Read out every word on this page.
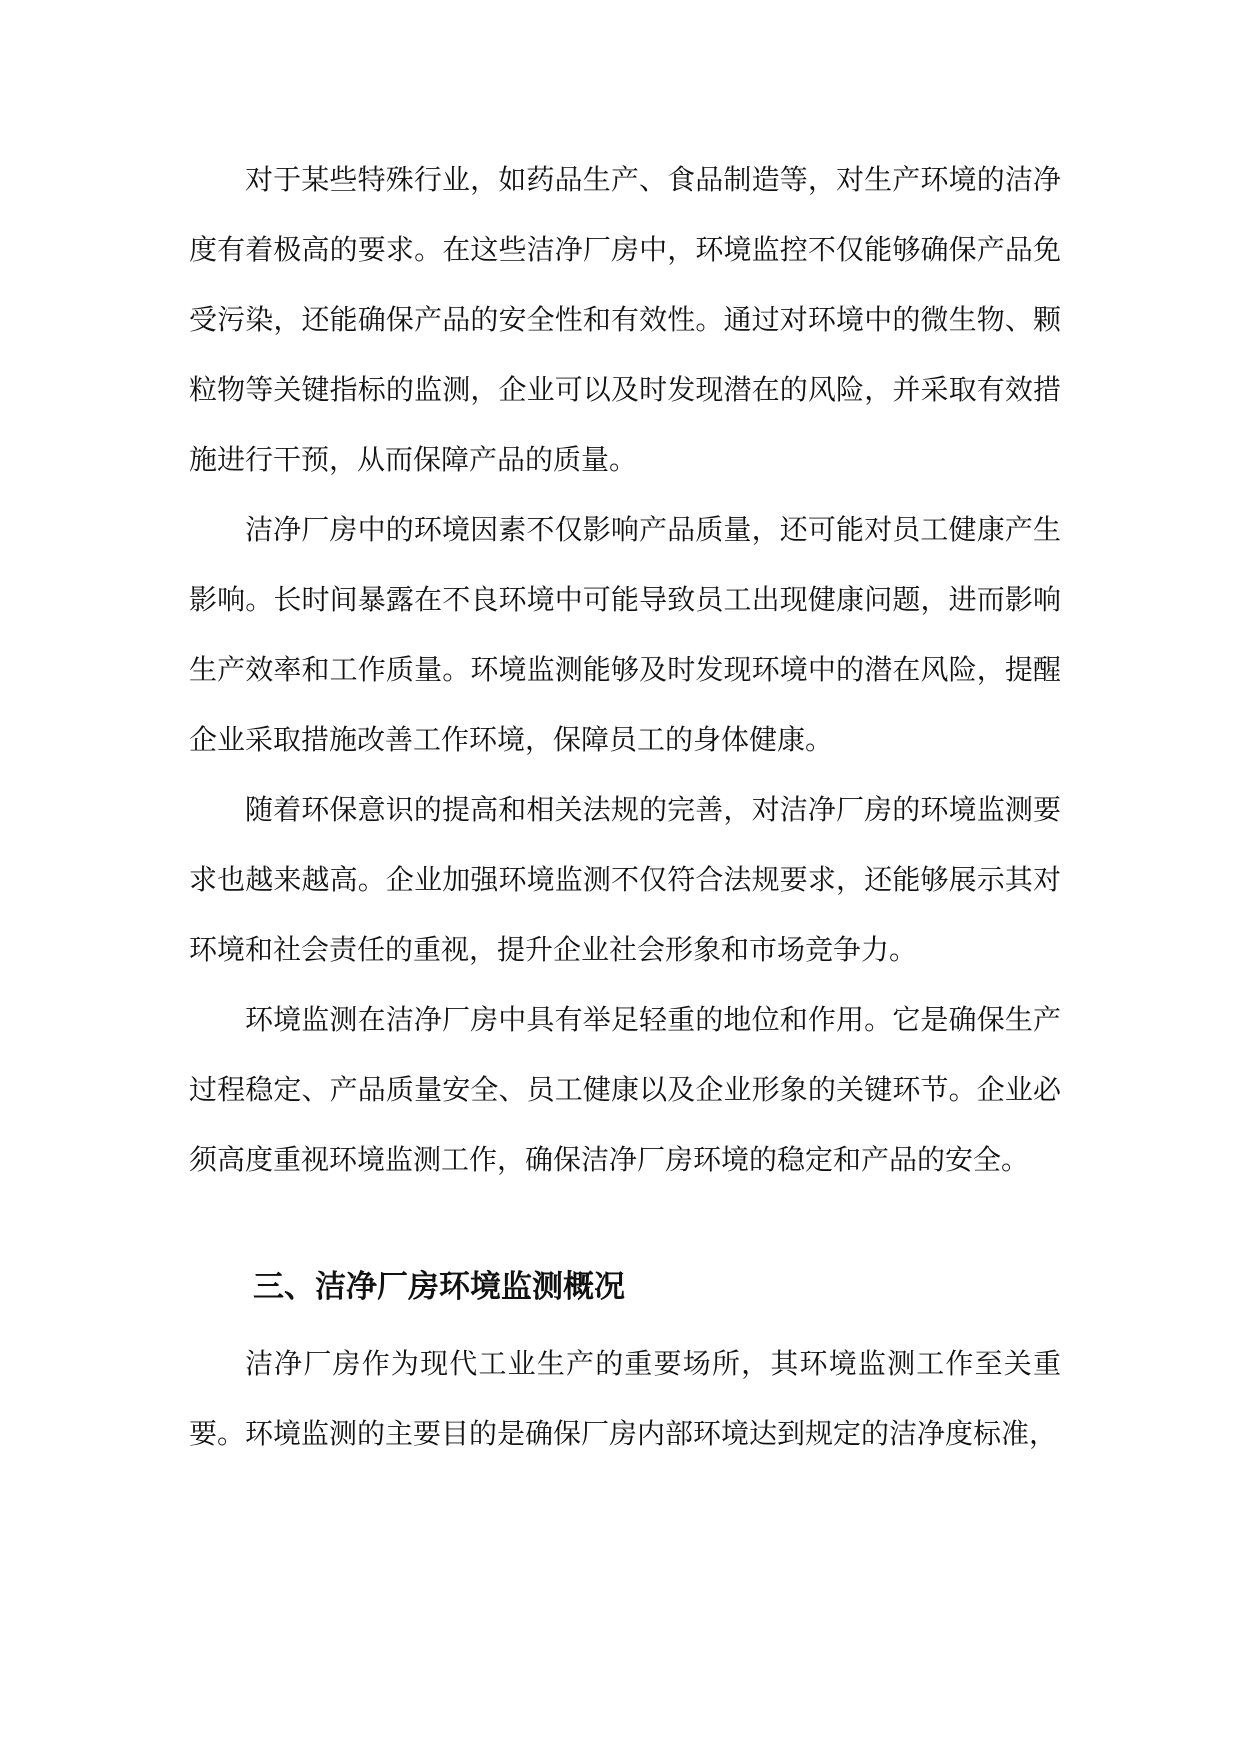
对于某些特殊行业，如药品生产、食品制造等，对生产环境的洁净度有着极高的要求。在这些洁净厂房中，环境监控不仅能够确保产品免受污染，还能确保产品的安全性和有效性。通过对环境中的微生物、颗粒物等关键指标的监测，企业可以及时发现潜在的风险，并采取有效措施进行干预，从而保障产品的质量。

洁净厂房中的环境因素不仅影响产品质量，还可能对员工健康产生影响。长时间暴露在不良环境中可能导致员工出现健康问题，进而影响生产效率和工作质量。环境监测能够及时发现环境中的潜在风险，提醒企业采取措施改善工作环境，保障员工的身体健康。

随着环保意识的提高和相关法规的完善，对洁净厂房的环境监测要求也越来越高。企业加强环境监测不仅符合法规要求，还能够展示其对环境和社会责任的重视，提升企业社会形象和市场竞争力。

环境监测在洁净厂房中具有举足轻重的地位和作用。它是确保生产过程稳定、产品质量安全、员工健康以及企业形象的关键环节。企业必须高度重视环境监测工作，确保洁净厂房环境的稳定和产品的安全。

三、洁净厂房环境监测概况

洁净厂房作为现代工业生产的重要场所，其环境监测工作至关重要。环境监测的主要目的是确保厂房内部环境达到规定的洁净度标准，
